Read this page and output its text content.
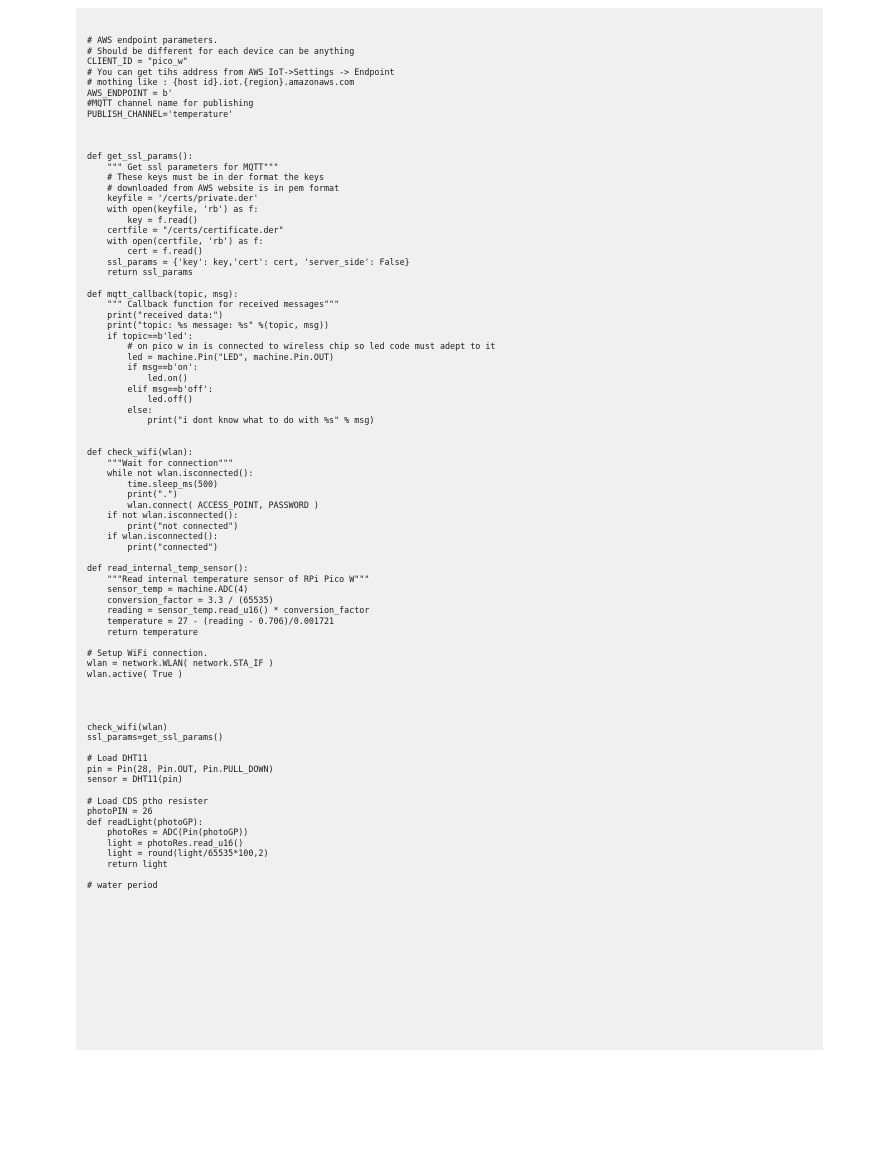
# AWS endpoint parameters.
# Should be different for each device can be anything
CLIENT_ID = "pico_w"
# You can get tihs address from AWS IoT->Settings -> Endpoint
# mothing like : {host id}.iot.{region}.amazonaws.com
AWS_ENDPOINT = b'
#MQTT channel name for publishing
PUBLISH_CHANNEL='temperature'
def get_ssl_params():
""" Get ssl parameters for MQTT"""
# These keys must be in der format the keys
# downloaded from AWS website is in pem format
keyfile = '/certs/private.der'
with open(keyfile, 'rb') as f:
key = f.read()
certfile = "/certs/certificate.der"
with open(certfile, 'rb') as f:
cert = f.read()
ssl_params = {'key': key,'cert': cert, 'server_side': False}
return ssl_params
def mqtt_callback(topic, msg):
""" Callback function for received messages"""
print("received data:")
print("topic: %s message: %s" %(topic, msg))
if topic==b'led':
# on pico w in is connected to wireless chip so led code must adept to it
led = machine.Pin("LED", machine.Pin.OUT)
if msg==b'on':
led.on()
elif msg==b'off':
led.off()
else:
print("i dont know what to do with %s" % msg)
def check_wifi(wlan):
"""Wait for connection"""
while not wlan.isconnected():
time.sleep_ms(500)
print(".")
wlan.connect( ACCESS_POINT, PASSWORD )
if not wlan.isconnected():
print("not connected")
if wlan.isconnected():
print("connected")
def read_internal_temp_sensor():
"""Read internal temperature sensor of RPi Pico W"""
sensor_temp = machine.ADC(4)
conversion_factor = 3.3 / (65535)
reading = sensor_temp.read_u16() * conversion_factor
temperature = 27 - (reading - 0.706)/0.001721
return temperature
# Setup WiFi connection.
wlan = network.WLAN( network.STA_IF )
wlan.active( True )
check_wifi(wlan)
ssl_params=get_ssl_params()
# Load DHT11
pin = Pin(28, Pin.OUT, Pin.PULL_DOWN)
sensor = DHT11(pin)
# Load CDS ptho resister
photoPIN = 26
def readLight(photoGP):
photoRes = ADC(Pin(photoGP))
light = photoRes.read_u16()
light = round(light/65535*100,2)
return light
# water period
